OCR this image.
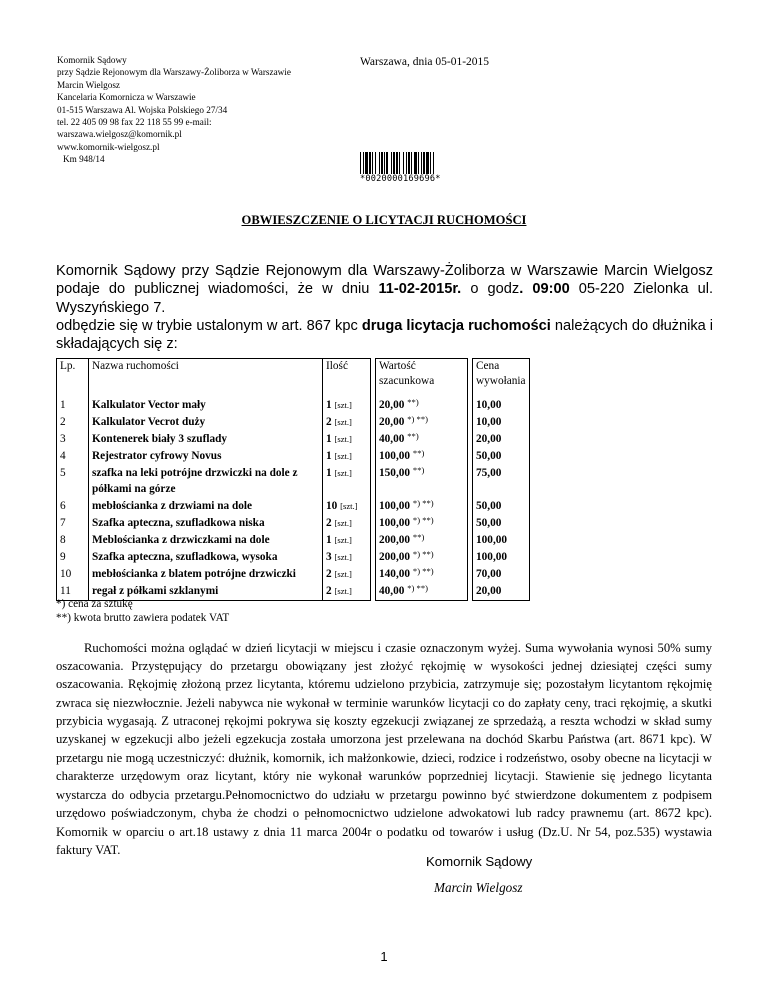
Komornik Sądowy
przy Sądzie Rejonowym dla Warszawy-Żoliborza w Warszawie
Marcin Wielgosz
Kancelaria Komornicza w Warszawie
01-515 Warszawa Al. Wojska Polskiego 27/34
tel. 22 405 09 98 fax 22 118 55 99 e-mail:
warszawa.wielgosz@komornik.pl
www.komornik-wielgosz.pl
Km 948/14
Warszawa, dnia 05-01-2015
*0020000169696*
OBWIESZCZENIE O LICYTACJI RUCHOMOŚCI
Komornik Sądowy przy Sądzie Rejonowym dla Warszawy-Żoliborza w Warszawie Marcin Wielgosz podaje do publicznej wiadomości, że w dniu 11-02-2015r. o godz. 09:00 05-220 Zielonka ul. Wyszyńskiego 7.
odbędzie się w trybie ustalonym w art. 867 kpc druga licytacja ruchomości należących do dłużnika i składających się z:
Lp.	Nazwa ruchomości	Ilość		Wartość
szacunkowa		Cena
wywołania
1	Kalkulator Vector mały	1 [szt.]		20,00 **)		10,00
2	Kalkulator Vecrot duży	2 [szt.]		20,00 *) **)		10,00
3	Kontenerek biały 3 szuflady	1 [szt.]		40,00 **)		20,00
4	Rejestrator cyfrowy Novus	1 [szt.]		100,00 **)		50,00
5	szafka na leki potrójne drzwiczki na dole z półkami na górze	1 [szt.]		150,00 **)		75,00
6	mebłościanka z drzwiami na dole	10 [szt.]		100,00 *) **)		50,00
7	Szafka apteczna, szufladkowa niska	2 [szt.]		100,00 *) **)		50,00
8	Meblościanka z drzwiczkami na dole	1 [szt.]		200,00 **)		100,00
9	Szafka apteczna, szufladkowa, wysoka	3 [szt.]		200,00 *) **)		100,00
10	mebłościanka z blatem potrójne drzwiczki	2 [szt.]		140,00 *) **)		70,00
11	regał z półkami szklanymi	2 [szt.]		40,00 *) **)		20,00
*) cena za sztukę
**) kwota brutto zawiera podatek VAT
Ruchomości można oglądać w dzień licytacji w miejscu i czasie oznaczonym wyżej. Suma wywołania wynosi 50% sumy oszacowania. Przystępujący do przetargu obowiązany jest złożyć rękojmię w wysokości jednej dziesiątej części sumy oszacowania. Rękojmię złożoną przez licytanta, któremu udzielono przybicia, zatrzymuje się; pozostałym licytantom rękojmię zwraca się niezwłocznie. Jeżeli nabywca nie wykonał w terminie warunków licytacji co do zapłaty ceny, traci rękojmię, a skutki przybicia wygasają. Z utraconej rękojmi pokrywa się koszty egzekucji związanej ze sprzedażą, a reszta wchodzi w skład sumy uzyskanej w egzekucji albo jeżeli egzekucja została umorzona jest przelewana na dochód Skarbu Państwa (art. 8671 kpc). W przetargu nie mogą uczestniczyć: dłużnik, komornik, ich małżonkowie, dzieci, rodzice i rodzeństwo, osoby obecne na licytacji w charakterze urzędowym oraz licytant, który nie wykonał warunków poprzedniej licytacji. Stawienie się jednego licytanta wystarcza do odbycia przetargu.Pełnomocnictwo do udziału w przetargu powinno być stwierdzone dokumentem z podpisem urzędowo poświadczonym, chyba że chodzi o pełnomocnictwo udzielone adwokatowi lub radcy prawnemu (art. 8672 kpc). Komornik w oparciu o art.18 ustawy z dnia 11 marca 2004r o podatku od towarów i usług (Dz.U. Nr 54, poz.535) wystawia faktury VAT.
Komornik Sądowy
Marcin Wielgosz
1
